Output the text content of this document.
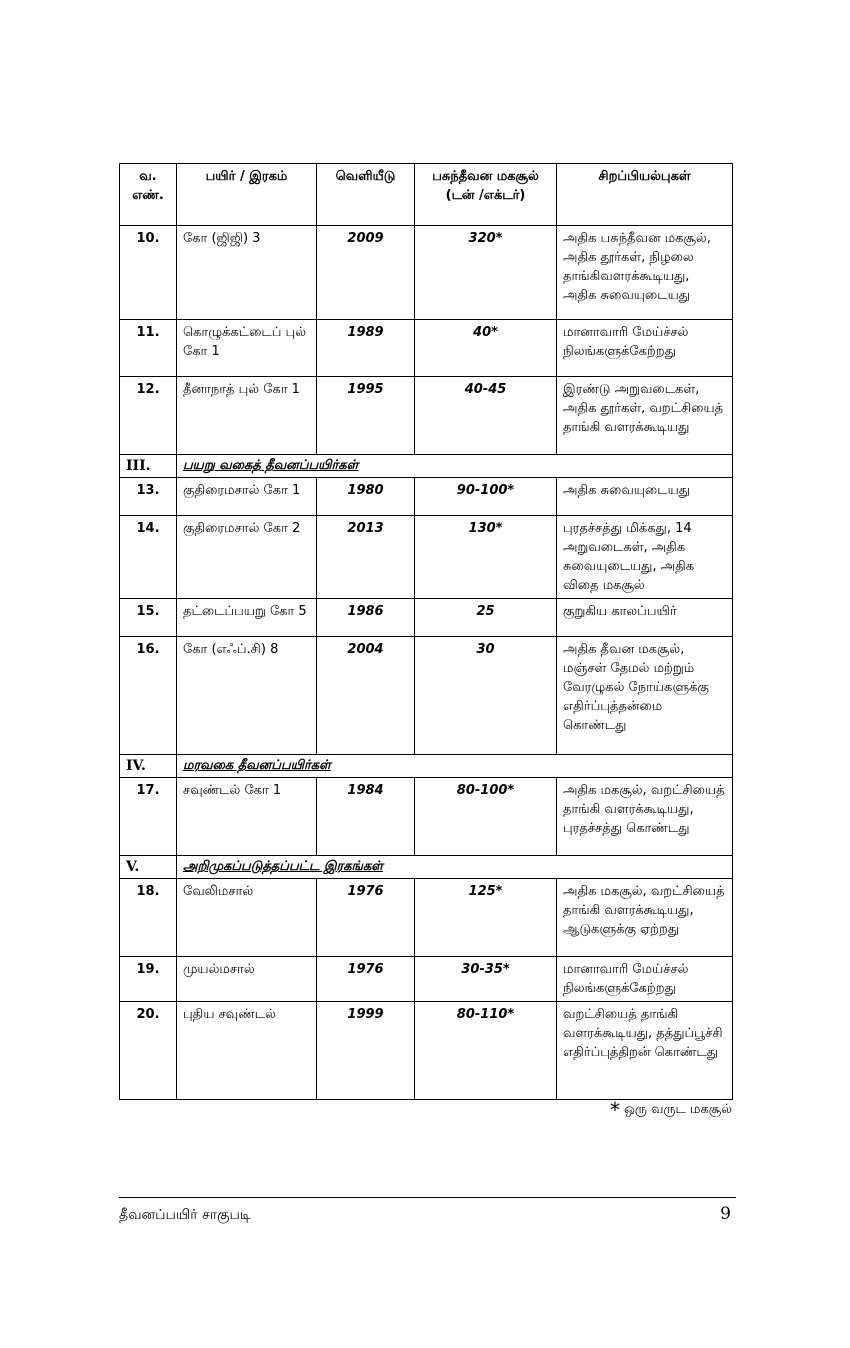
வ. எண்.	பயிர் / இரகம்	வெளியீடு	பசுந்தீவன மகசூல் (டன் /எக்டர்)	சிறப்பியல்புகள்
10.	கோ (ஜிஜி) 3	2009	320*	அதிக பசுந்தீவன மகசூல், அதிக தூர்கள், நிழலை தாங்கிவளரக்கூடியது, அதிக சுவையுடையது
11.	கொழுக்கட்டைப் புல் கோ 1	1989	40*	மானாவாரி மேய்ச்சல் நிலங்களுக்கேற்றது
12.	தீனாநாத் புல் கோ 1	1995	40-45	இரண்டு அறுவடைகள், அதிக தூர்கள், வறட்சியைத் தாங்கி வளரக்கூடியது
III.	பயறு வகைத் தீவனப்பயிர்கள்			
13.	குதிரைமசால் கோ 1	1980	90-100*	அதிக சுவையுடையது
14.	குதிரைமசால் கோ 2	2013	130*	புரதச்சத்து மிக்கது, 14 அறுவடைகள், அதிக சுவையுடையது, அதிக விதை மகசூல்
15.	தட்டைப்பயறு கோ 5	1986	25	குறுகிய காலப்பயிர்
16.	கோ (எஃப்.சி) 8	2004	30	அதிக தீவன மகசூல், மஞ்சள் தேமல் மற்றும் வேரழுகல் நோய்களுக்கு எதிர்ப்புத்தன்மை கொண்டது
IV.	மரவகை தீவனப்பயிர்கள்			
17.	சவுண்டல் கோ 1	1984	80-100*	அதிக மகசூல், வறட்சியைத் தாங்கி வளரக்கூடியது, புரதச்சத்து கொண்டது
V.	அறிமுகப்படுத்தப்பட்ட இரகங்கள்			
18.	வேலிமசால்	1976	125*	அதிக மகசூல், வறட்சியைத் தாங்கி வளரக்கூடியது, ஆடுகளுக்கு ஏற்றது
19.	முயல்மசால்	1976	30-35*	மானாவாரி மேய்ச்சல் நிலங்களுக்கேற்றது
20.	புதிய சவுண்டல்	1999	80-110*	வறட்சியைத் தாங்கி வளரக்கூடியது, தத்துப்பூச்சி எதிர்ப்புத்திறன் கொண்டது
* ஒரு வருட மகசூல்
தீவனப்பயிர் சாகுபடி	9
